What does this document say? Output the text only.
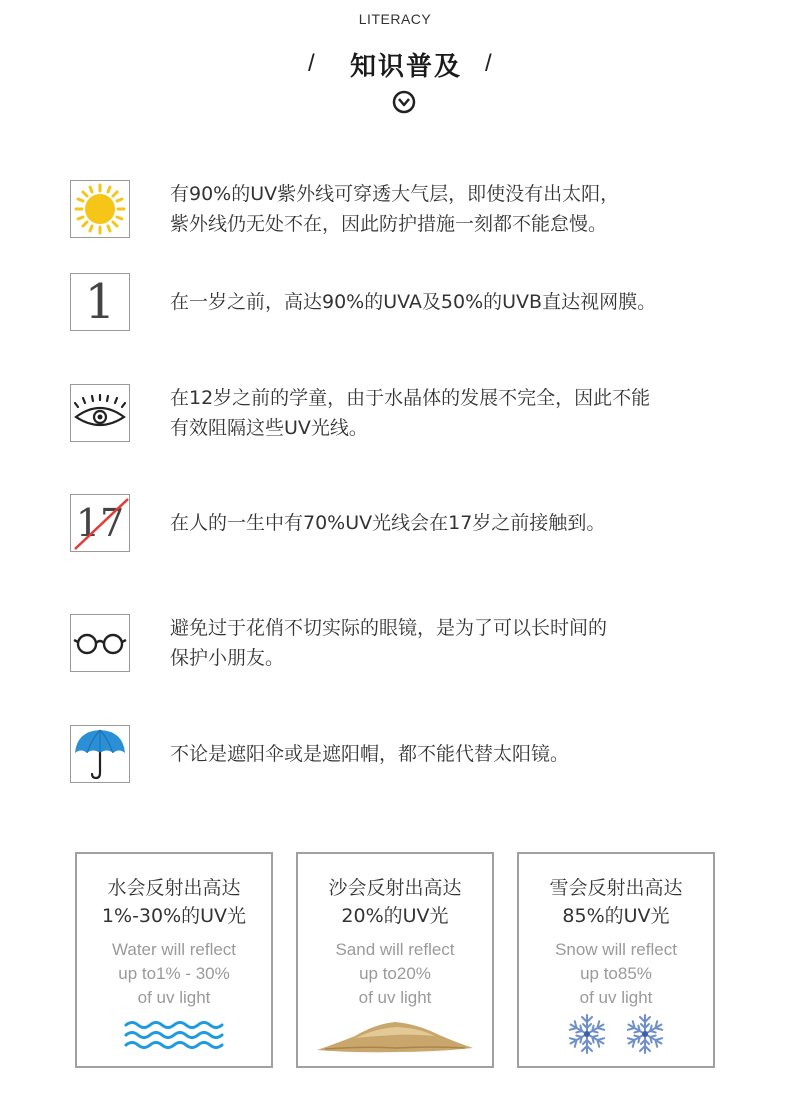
LITERACY
/	知识普及 /
有90%的UV紫外线可穿透大气层，即使没有出太阳，
紫外线仍无处不在，因此防护措施一刻都不能怠慢。
1	在一岁之前，高达90%的UVA及50%的UVB直达视网膜。
在12岁之前的学童，由于水晶体的发展不完全，因此不能
有效阻隔这些UV光线。
17 在人的一生中有70%UV光线会在17岁之前接触到。
避免过于花俏不切实际的眼镜，是为了可以长时间的
保护小朋友。
不论是遮阳伞或是遮阳帽，都不能代替太阳镜。
水会反射出高达
1%-30%的UV光
Water will reflect
up to1% - 30%
of uv light
沙会反射出高达
20%的UV光
Sand will reflect
up to20%
of uv light
雪会反射出高达
85%的UV光
Snow will reflect
up to85%
of uv light
